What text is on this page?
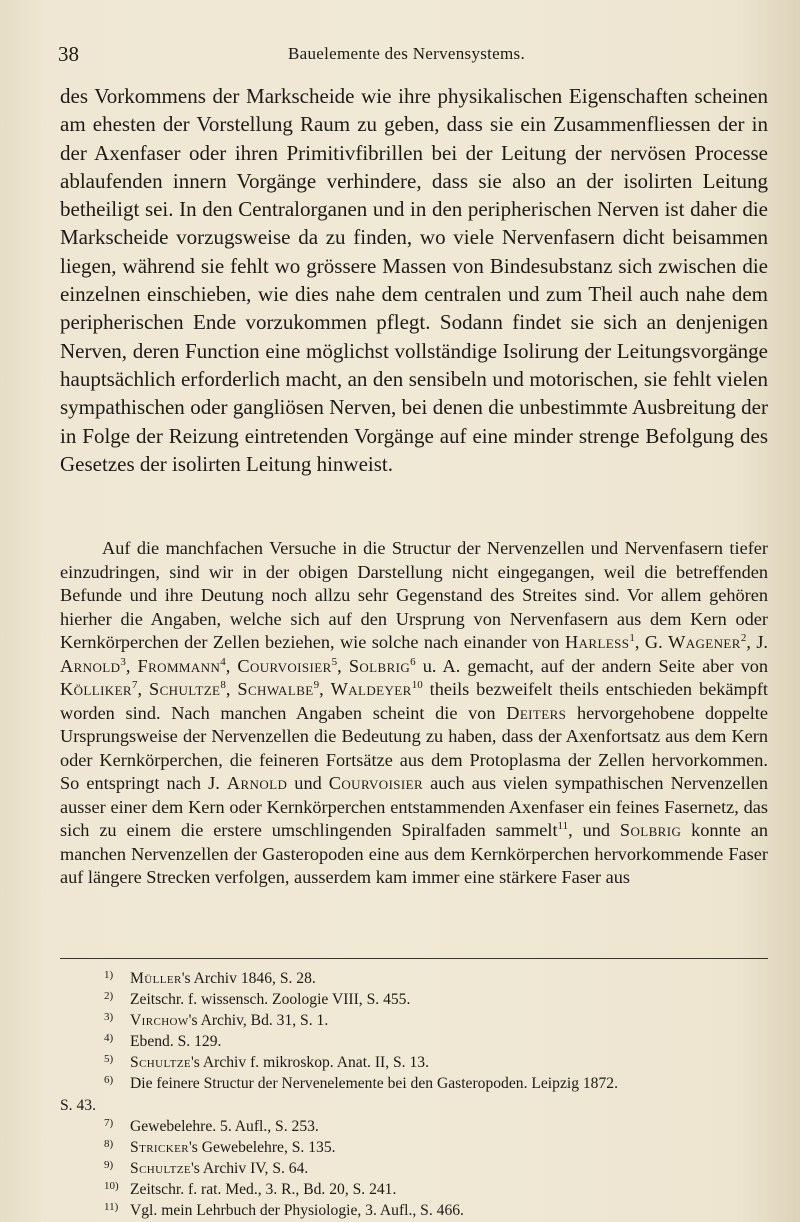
38	Bauelemente des Nervensystems.

des Vorkommens der Markscheide wie ihre physikalischen Eigenschaften scheinen am ehesten der Vorstellung Raum zu geben, dass sie ein Zusammenfliessen der in der Axenfaser oder ihren Primitivfibrillen bei der Leitung der nervösen Processe ablaufenden innern Vorgänge verhindere, dass sie also an der isolirten Leitung betheiligt sei. In den Centralorganen und in den peripherischen Nerven ist daher die Markscheide vorzugsweise da zu finden, wo viele Nervenfasern dicht beisammen liegen, während sie fehlt wo grössere Massen von Bindesubstanz sich zwischen die einzelnen einschieben, wie dies nahe dem centralen und zum Theil auch nahe dem peripherischen Ende vorzukommen pflegt. Sodann findet sie sich an denjenigen Nerven, deren Function eine möglichst vollständige Isolirung der Leitungsvorgänge hauptsächlich erforderlich macht, an den sensibeln und motorischen, sie fehlt vielen sympathischen oder gangliösen Nerven, bei denen die unbestimmte Ausbreitung der in Folge der Reizung eintretenden Vorgänge auf eine minder strenge Befolgung des Gesetzes der isolirten Leitung hinweist.

Auf die manchfachen Versuche in die Structur der Nervenzellen und Nervenfasern tiefer einzudringen, sind wir in der obigen Darstellung nicht eingegangen, weil die betreffenden Befunde und ihre Deutung noch allzu sehr Gegenstand des Streites sind. Vor allem gehören hierher die Angaben, welche sich auf den Ursprung von Nervenfasern aus dem Kern oder Kernkörperchen der Zellen beziehen, wie solche nach einander von Harless$^1$, G. Wagener$^2$, J. Arnold$^3$, Frommann$^4$, Courvoisier$^5$, Solbrig$^6$ u. A. gemacht, auf der andern Seite aber von Kölliker$^7$, Schultze$^8$, Schwalbe$^9$, Waldeyer$^{10}$ theils bezweifelt theils entschieden bekämpft worden sind. Nach manchen Angaben scheint die von Deiters hervorgehobene doppelte Ursprungsweise der Nervenzellen die Bedeutung zu haben, dass der Axenfortsatz aus dem Kern oder Kernkörperchen, die feineren Fortsätze aus dem Protoplasma der Zellen hervorkommen. So entspringt nach J. Arnold und Courvoisier auch aus vielen sympathischen Nervenzellen ausser einer dem Kern oder Kernkörperchen entstammenden Axenfaser ein feines Fasernetz, das sich zu einem die erstere umschlingenden Spiralfaden sammelt$^{11}$, und Solbrig konnte an manchen Nervenzellen der Gasteropoden eine aus dem Kernkörperchen hervorkommende Faser auf längere Strecken verfolgen, ausserdem kam immer eine stärkere Faser aus

1) Müller's Archiv 1846, S. 28.
2) Zeitschr. f. wissensch. Zoologie VIII, S. 455.
3) Virchow's Archiv, Bd. 31, S. 1.
4) Ebend. S. 129.
5) Schultze's Archiv f. mikroskop. Anat. II, S. 13.
6) Die feinere Structur der Nervenelemente bei den Gasteropoden. Leipzig 1872.
S. 43.
7) Gewebelehre. 5. Aufl., S. 253.
8) Stricker's Gewebelehre, S. 135.
9) Schultze's Archiv IV, S. 64.
10) Zeitschr. f. rat. Med., 3. R., Bd. 20, S. 241.
11) Vgl. mein Lehrbuch der Physiologie, 3. Aufl., S. 466.
